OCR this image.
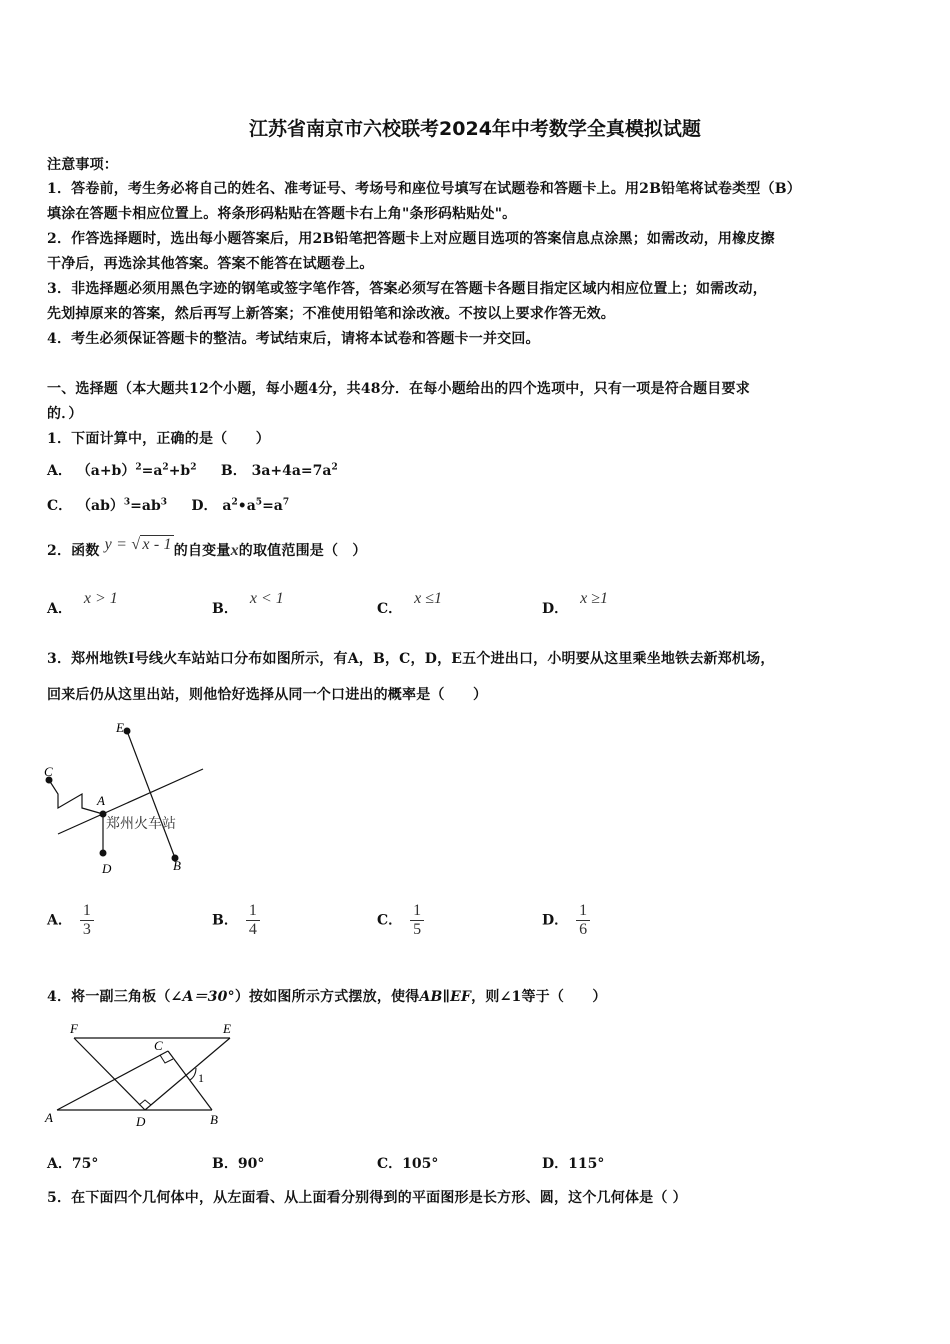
江苏省南京市六校联考2024年中考数学全真模拟试题
注意事项：
1．答卷前，考生务必将自己的姓名、准考证号、考场号和座位号填写在试题卷和答题卡上。用2B铅笔将试卷类型（B）
填涂在答题卡相应位置上。将条形码粘贴在答题卡右上角"条形码粘贴处"。
2．作答选择题时，选出每小题答案后，用2B铅笔把答题卡上对应题目选项的答案信息点涂黑；如需改动，用橡皮擦
干净后，再选涂其他答案。答案不能答在试题卷上。
3．非选择题必须用黑色字迹的钢笔或签字笔作答，答案必须写在答题卡各题目指定区域内相应位置上；如需改动，
先划掉原来的答案，然后再写上新答案；不准使用铅笔和涂改液。不按以上要求作答无效。
4．考生必须保证答题卡的整洁。考试结束后，请将本试卷和答题卡一并交回。
一、选择题（本大题共12个小题，每小题4分，共48分．在每小题给出的四个选项中，只有一项是符合题目要求
的．）
1．下面计算中，正确的是（　　）
A． $(a+b)^2=a^2+b^2$ B． $3a+4a=7a^2$
C． $(ab)^3=ab^3$ D． $a^2•a^5=a^7$
2．函数 y = √ x - 1 的自变量x的取值范围是（　）
A．x > 1
B．x < 1
C．x ≤1
D．x ≥1
3．郑州地铁Ⅰ号线火车站站口分布如图所示，有A，B，C，D，E五个进出口，小明要从这里乘坐地铁去新郑机场，
回来后仍从这里出站，则他恰好选择从同一个口进出的概率是（　　）
E
C
A
D	B
郑州火车站
A． $\frac{1}{3}$	B． $\frac{1}{4}$	C． $\frac{1}{5}$	D． $\frac{1}{6}$
4．将一副三角板（∠A＝30°）按如图所示方式摆放，使得AB∥EF，则∠1等于（　　）
F	E
C
A	D	B
1
A．75°	B．90°	C．105°	D．115°
5．在下面四个几何体中，从左面看、从上面看分别得到的平面图形是长方形、圆，这个几何体是（ ）
